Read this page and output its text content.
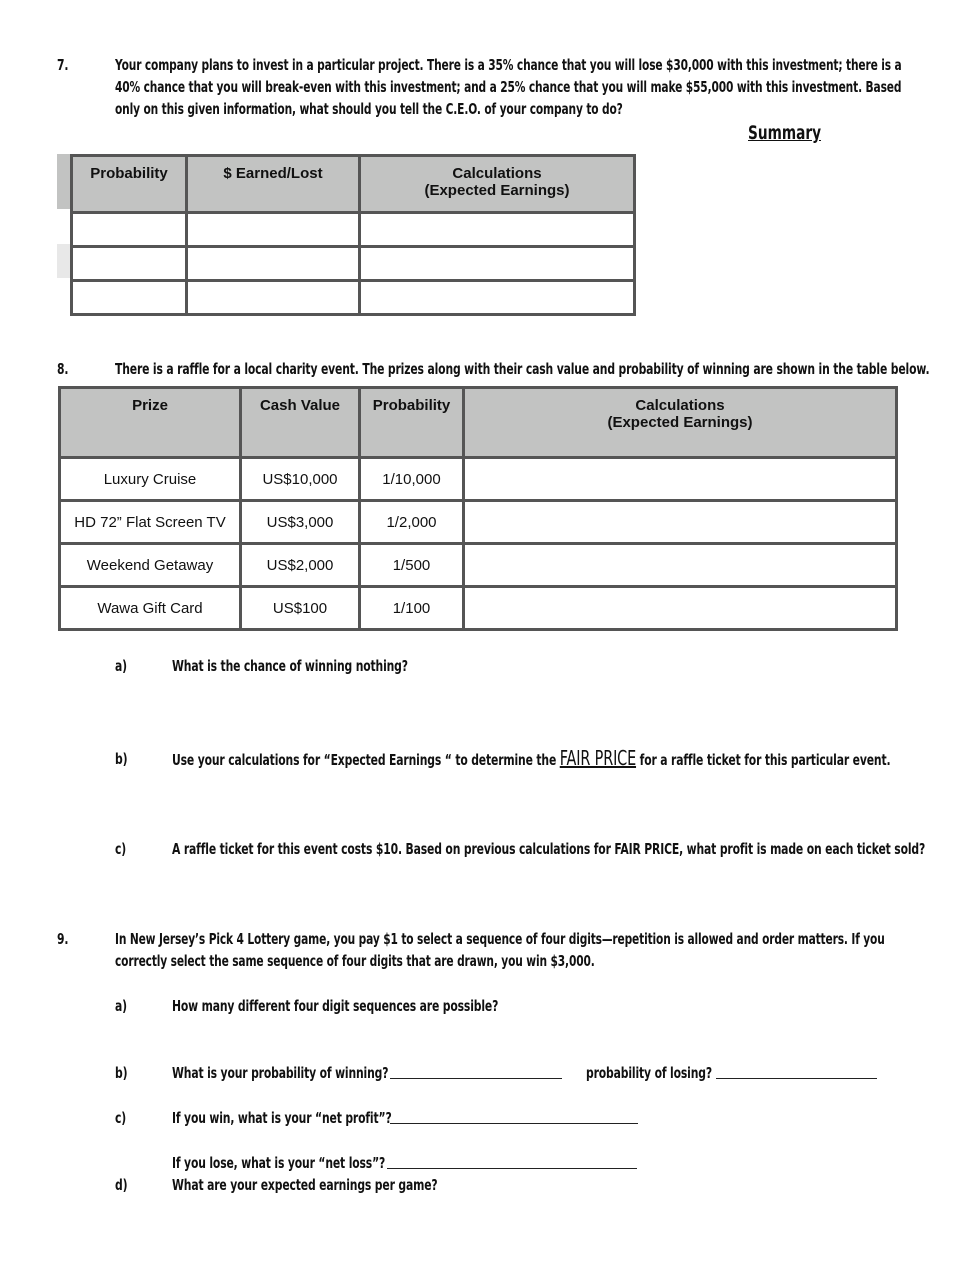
7.	Your company plans to invest in a particular project. There is a 35% chance that you will lose $30,000 with this investment; there is a 40% chance that you will break-even with this investment; and a 25% chance that you will make $55,000 with this investment. Based only on this given information, what should you tell the C.E.O. of your company to do?
Summary
Probability	$ Earned/Lost	Calculations
(Expected Earnings)

8.	There is a raffle for a local charity event. The prizes along with their cash value and probability of winning are shown in the table below.
Prize	Cash Value	Probability	Calculations
(Expected Earnings)
Luxury Cruise	US$10,000	1/10,000	
HD 72” Flat Screen TV	US$3,000	1/2,000	
Weekend Getaway	US$2,000	1/500	
Wawa Gift Card	US$100	1/100	
a)	What is the chance of winning nothing?
b)	Use your calculations for “Expected Earnings “ to determine the FAIR PRICE for a raffle ticket for this particular event.
c)	A raffle ticket for this event costs $10. Based on previous calculations for FAIR PRICE, what profit is made on each ticket sold?
9.	In New Jersey’s Pick 4 Lottery game, you pay $1 to select a sequence of four digits—repetition is allowed and order matters. If you correctly select the same sequence of four digits that are drawn, you win $3,000.
a)	How many different four digit sequences are possible?
b)	What is your probability of winning?	probability of losing?
c)	If you win, what is your “net profit”?
If you lose, what is your “net loss”?
d)	What are your expected earnings per game?
